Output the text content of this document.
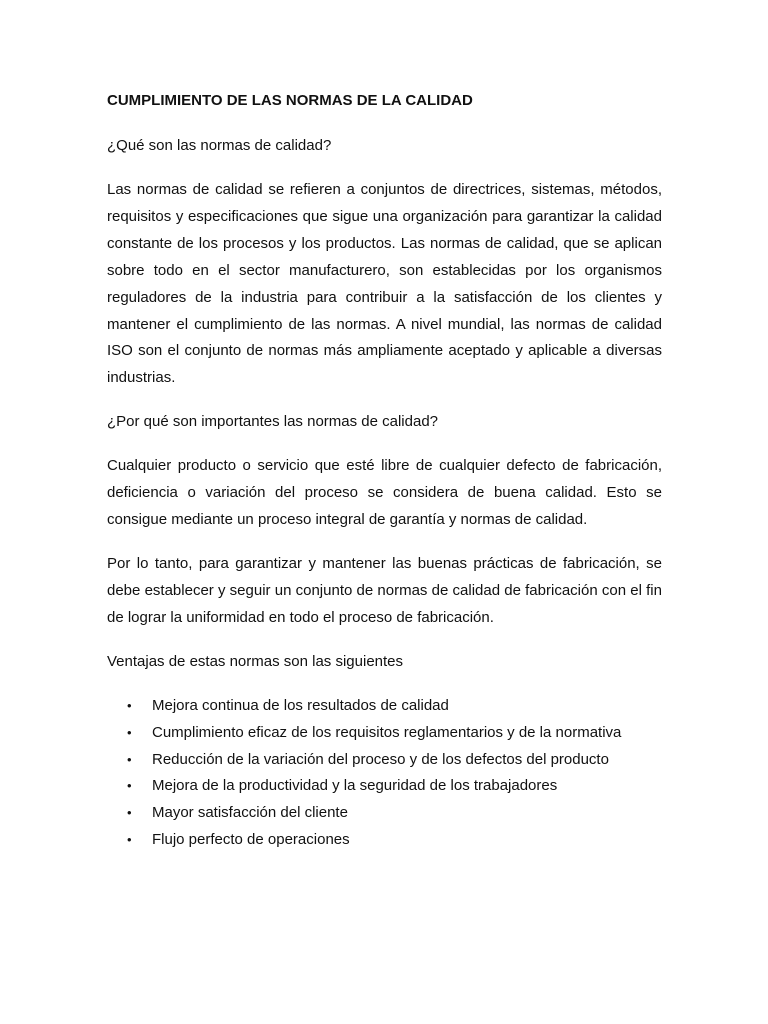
CUMPLIMIENTO DE LAS NORMAS DE LA CALIDAD
¿Qué son las normas de calidad?
Las normas de calidad se refieren a conjuntos de directrices, sistemas, métodos, requisitos y especificaciones que sigue una organización para garantizar la calidad constante de los procesos y los productos. Las normas de calidad, que se aplican sobre todo en el sector manufacturero, son establecidas por los organismos reguladores de la industria para contribuir a la satisfacción de los clientes y mantener el cumplimiento de las normas. A nivel mundial, las normas de calidad ISO son el conjunto de normas más ampliamente aceptado y aplicable a diversas industrias.
¿Por qué son importantes las normas de calidad?
Cualquier producto o servicio que esté libre de cualquier defecto de fabricación, deficiencia o variación del proceso se considera de buena calidad. Esto se consigue mediante un proceso integral de garantía y normas de calidad.
Por lo tanto, para garantizar y mantener las buenas prácticas de fabricación, se debe establecer y seguir un conjunto de normas de calidad de fabricación con el fin de lograr la uniformidad en todo el proceso de fabricación.
Ventajas de estas normas son las siguientes
• Mejora continua de los resultados de calidad
• Cumplimiento eficaz de los requisitos reglamentarios y de la normativa
• Reducción de la variación del proceso y de los defectos del producto
• Mejora de la productividad y la seguridad de los trabajadores
• Mayor satisfacción del cliente
• Flujo perfecto de operaciones
